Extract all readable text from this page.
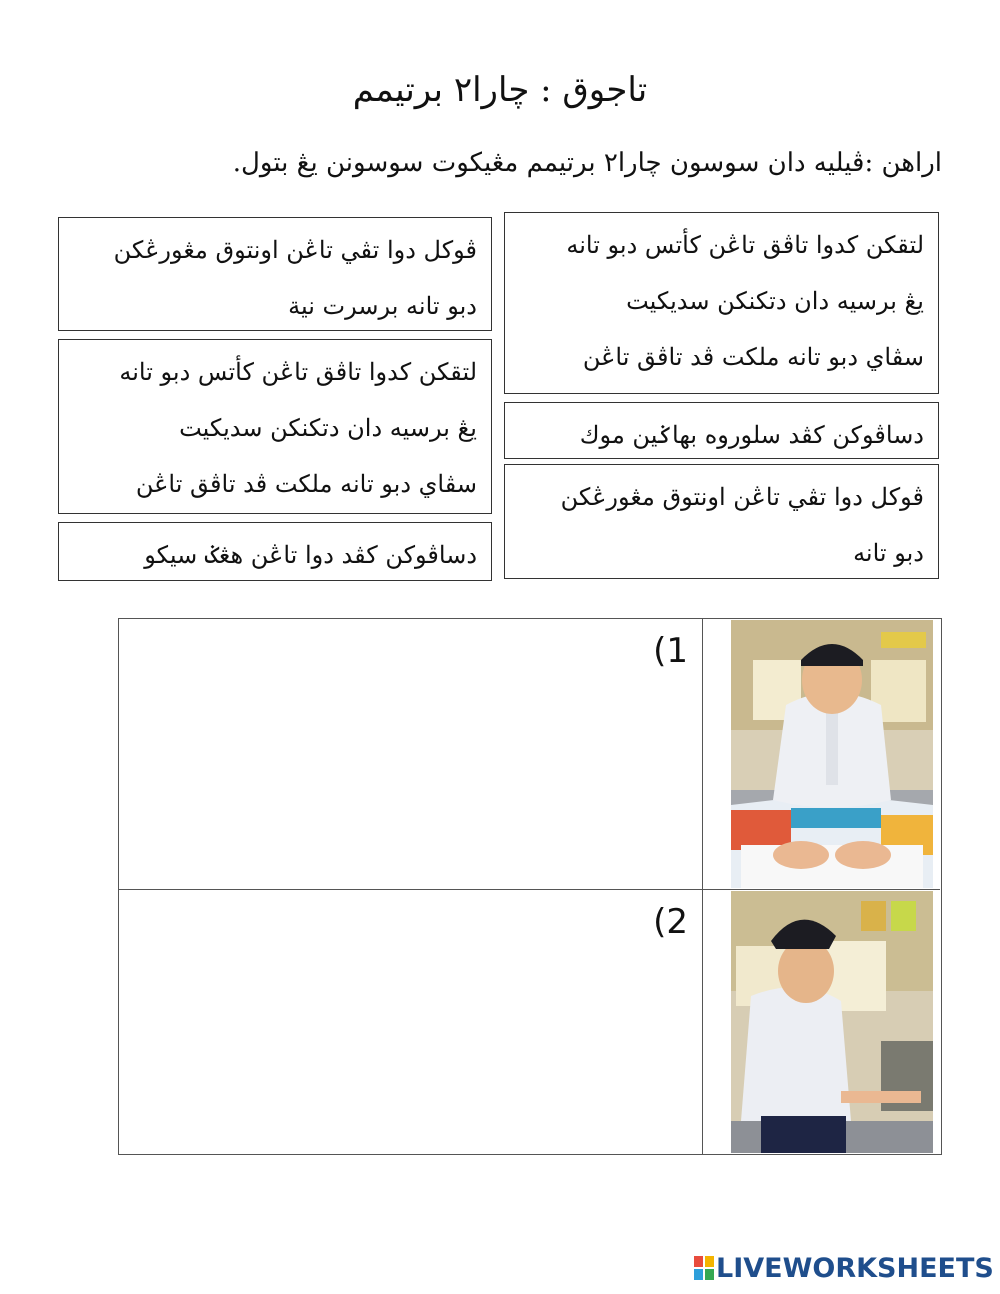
تاجوق : چارا٢ برتيمم
اراهن :ڤيليه دان سوسون چارا٢ برتيمم مڠيكوت سوسونن يڠ بتول.
ڤوكل دوا تڤي تاڠن اونتوق مڠورڠكن
دبو تانه برسرت نية
لتقكن كدوا تاڤق تاڠن كأتس دبو تانه
يڠ برسيه دان دتكنكن سديكيت
سڤاي دبو تانه ملكت ڤد تاڤق تاڠن
دساڤوكن كڤد دوا تاڠن هڠݢ سيكو
لتقكن كدوا تاڤق تاڠن كأتس دبو تانه
يڠ برسيه دان دتكنكن سديكيت
سڤاي دبو تانه ملكت ڤد تاڤق تاڠن
دساڤوكن كڤد سلوروه بهاݢين موك
ڤوكل دوا تڤي تاڠن اونتوق مڠورڠكن
دبو تانه
(1
(2
LIVEWORKSHEETS
